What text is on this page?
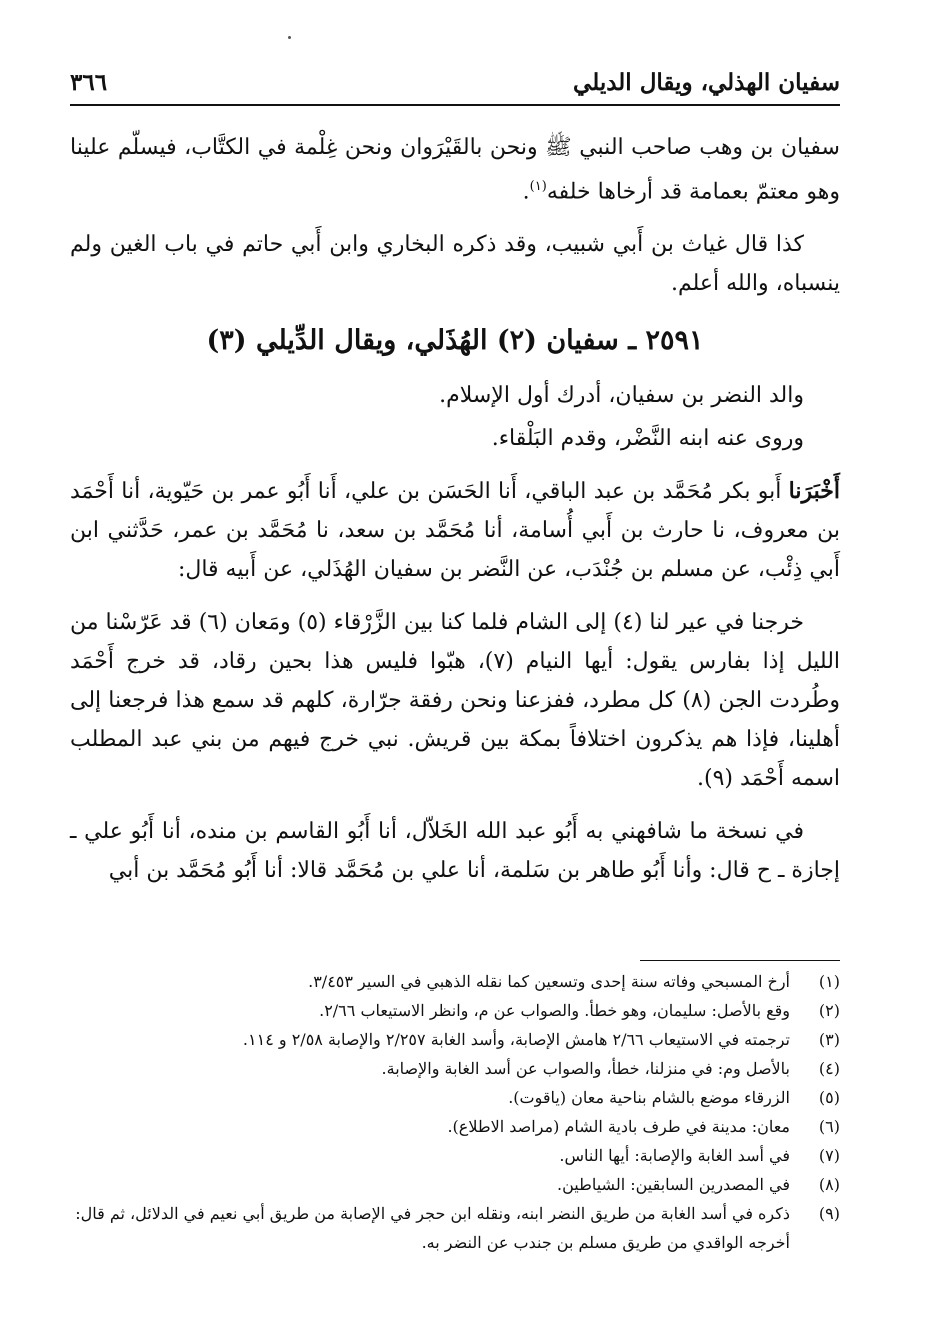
سفيان الهذلي، ويقال الديلي
٣٦٦

سفيان بن وهب صاحب النبي ﷺ ونحن بالقَيْرَوان ونحن غِلْمة في الكتَّاب، فيسلّم علينا وهو معتمّ بعمامة قد أرخاها خلفه$^{(١)}$.

كذا قال غياث بن أَبي شبيب، وقد ذكره البخاري وابن أَبي حاتم في باب الغين ولم ينسباه، والله أعلم.

٢٥٩١ ـ سفيان (٢) الهُذَلي، ويقال الدِّيلي (٣)

والد النضر بن سفيان، أدرك أول الإسلام.

وروى عنه ابنه النَّضْر، وقدم البَلْقاء.

أَخْبَرَنا أَبو بكر مُحَمَّد بن عبد الباقي، أَنا الحَسَن بن علي، أَنا أَبُو عمر بن حَيّوية، أنا أَحْمَد بن معروف، نا حارث بن أَبي أُسامة، أنا مُحَمَّد بن سعد، نا مُحَمَّد بن عمر، حَدَّثني ابن أَبي ذِئْب، عن مسلم بن جُنْدَب، عن النَّضر بن سفيان الهُذَلي، عن أَبيه قال:

خرجنا في عير لنا (٤) إلى الشام فلما كنا بين الزَّرْقاء (٥) ومَعان (٦) قد عَرّسْنا من الليل إذا بفارس يقول: أيها النيام (٧)، هبّوا فليس هذا بحين رقاد، قد خرج أَحْمَد وطُردت الجن (٨) كل مطرد، ففزعنا ونحن رفقة جرّارة، كلهم قد سمع هذا فرجعنا إلى أهلينا، فإذا هم يذكرون اختلافاً بمكة بين قريش. نبي خرج فيهم من بني عبد المطلب اسمه أَحْمَد (٩).

في نسخة ما شافهني به أَبُو عبد الله الخَلاّل، أنا أَبُو القاسم بن منده، أنا أَبُو علي ـ إجازة ـ ح قال: وأنا أَبُو طاهر بن سَلمة، أنا علي بن مُحَمَّد قالا: أنا أَبُو مُحَمَّد بن أبي

(١)
أرخ المسبحي وفاته سنة إحدى وتسعين كما نقله الذهبي في السير ٣/٤٥٣.
(٢)
وقع بالأصل: سليمان، وهو خطأ. والصواب عن م، وانظر الاستيعاب ٢/٦٦.
(٣)
ترجمته في الاستيعاب ٢/٦٦ هامش الإصابة، وأسد الغابة ٢/٢٥٧ والإصابة ٢/٥٨ و ١١٤.
(٤)
بالأصل وم: في منزلنا، خطأ، والصواب عن أسد الغابة والإصابة.
(٥)
الزرقاء موضع بالشام بناحية معان (ياقوت).
(٦)
معان: مدينة في طرف بادية الشام (مراصد الاطلاع).
(٧)
في أسد الغابة والإصابة: أيها الناس.
(٨)
في المصدرين السابقين: الشياطين.
(٩)
ذكره في أسد الغابة من طريق النضر ابنه، ونقله ابن حجر في الإصابة من طريق أبي نعيم في الدلائل، ثم قال: أخرجه الواقدي من طريق مسلم بن جندب عن النضر به.
